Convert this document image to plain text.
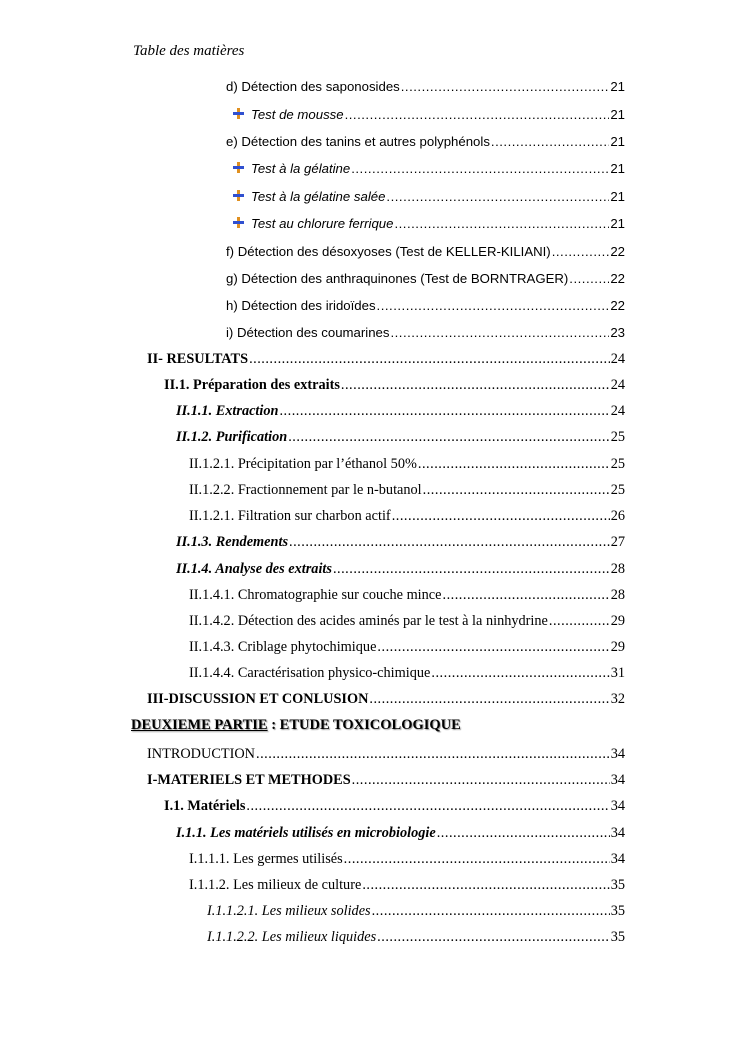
Table des matières
d) Détection des saponosides .....	21
Test de mousse .....	21
e) Détection des tanins et autres polyphénols .....	21
Test à la gélatine .....	21
Test à la gélatine salée .....	21
Test au chlorure ferrique .....	21
f) Détection des désoxyoses (Test de KELLER-KILIANI) .....	22
g) Détection des anthraquinones (Test de BORNTRAGER) .....	22
h) Détection des iridoïdes .....	22
i) Détection des coumarines .....	23
II- RESULTATS .....	24
II.1. Préparation des extraits .....	24
II.1.1. Extraction .....	24
II.1.2. Purification .....	25
II.1.2.1. Précipitation par l’éthanol 50% .....	25
II.1.2.2. Fractionnement par le n-butanol .....	25
II.1.2.1. Filtration sur charbon actif .....	26
II.1.3. Rendements .....	27
II.1.4. Analyse des extraits .....	28
II.1.4.1. Chromatographie sur couche mince .....	28
II.1.4.2. Détection des acides aminés par le test à la ninhydrine .....	29
II.1.4.3. Criblage phytochimique .....	29
II.1.4.4. Caractérisation physico-chimique .....	31
III-DISCUSSION ET CONLUSION .....	32
DEUXIEME PARTIE : ETUDE TOXICOLOGIQUE
INTRODUCTION .....	34
I-MATERIELS ET METHODES .....	34
I.1. Matériels .....	34
I.1.1. Les matériels utilisés en microbiologie .....	34
I.1.1.1. Les germes utilisés .....	34
I.1.1.2. Les milieux de culture .....	35
I.1.1.2.1. Les milieux solides .....	35
I.1.1.2.2. Les milieux liquides .....	35
